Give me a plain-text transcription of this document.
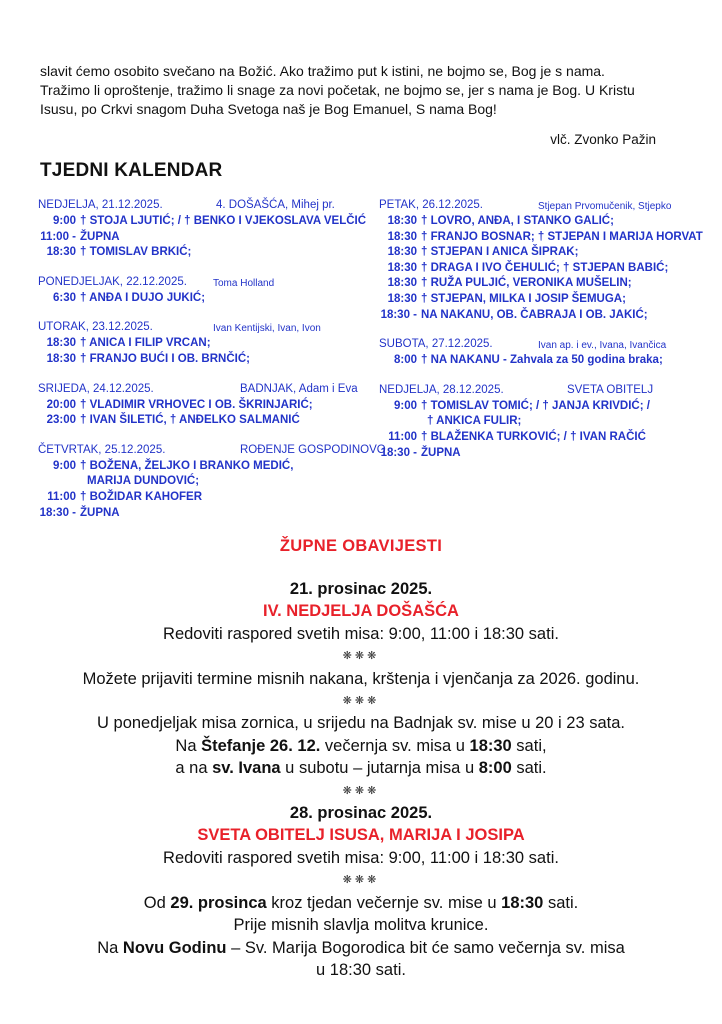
slavit ćemo osobito svečano na Božić. Ako tražimo put k istini, ne bojmo se, Bog je s nama.
Tražimo li oproštenje, tražimo li snage za novi početak, ne bojmo se, jer s nama je Bog. U Kristu
Isusu, po Crkvi snagom Duha Svetoga naš je Bog Emanuel, S nama Bog!
vlč. Zvonko Pažin
TJEDNI KALENDAR
NEDJELJA, 21.12.2025.	4. DOŠAŠĆA, Mihej pr.
9:00 † STOJA LJUTIĆ; / † BENKO I VJEKOSLAVA VELČIĆ
11:00 - ŽUPNA
18:30 † TOMISLAV BRKIĆ;
PONEDJELJAK, 22.12.2025.	Toma Holland
6:30 † ANĐA I DUJO JUKIĆ;
UTORAK, 23.12.2025.	Ivan Kentijski, Ivan, Ivon
18:30 † ANICA I FILIP VRCAN;
18:30 † FRANJO BUĆI I OB. BRNČIĆ;
SRIJEDA, 24.12.2025.	BADNJAK, Adam i Eva
20:00 † VLADIMIR VRHOVEC I OB. ŠKRINJARIĆ;
23:00 † IVAN ŠILETIĆ, † ANĐELKO SALMANIĆ
ČETVRTAK, 25.12.2025.	ROĐENJE GOSPODINOVO
9:00 † BOŽENA, ŽELJKO I BRANKO MEDIĆ,
MARIJA DUNDOVIĆ;
11:00 † BOŽIDAR KAHOFER
18:30 - ŽUPNA
PETAK, 26.12.2025.	Stjepan Prvomučenik, Stjepko
18:30 † LOVRO, ANĐA, I STANKO GALIĆ;
18:30 † FRANJO BOSNAR; † STJEPAN I MARIJA HORVAT
18:30 † STJEPAN I ANICA ŠIPRAK;
18:30 † DRAGA I IVO ČEHULIĆ; † STJEPAN BABIĆ;
18:30 † RUŽA PULJIĆ, VERONIKA MUŠELIN;
18:30 † STJEPAN, MILKA I JOSIP ŠEMUGA;
18:30 - NA NAKANU, OB. ČABRAJA I OB. JAKIĆ;
SUBOTA, 27.12.2025.	Ivan ap. i ev., Ivana, Ivančica
8:00 † NA NAKANU - Zahvala za 50 godina braka;
NEDJELJA, 28.12.2025.	SVETA OBITELJ
9:00 † TOMISLAV TOMIĆ; / † JANJA KRIVDIĆ; /
† ANKICA FULIR;
11:00 † BLAŽENKA TURKOVIĆ; / † IVAN RAČIĆ
18:30 - ŽUPNA
ŽUPNE OBAVIJESTI
21. prosinac 2025.
IV. NEDJELJA DOŠAŠĆA
Redoviti raspored svetih misa: 9:00, 11:00 i 18:30 sati.
❋❋❋
Možete prijaviti termine misnih nakana, krštenja i vjenčanja za 2026. godinu.
❋❋❋
U ponedjeljak misa zornica, u srijedu na Badnjak sv. mise u 20 i 23 sata.
Na Štefanje 26. 12. večernja sv. misa u 18:30 sati,
a na sv. Ivana u subotu – jutarnja misa u 8:00 sati.
❋❋❋
28. prosinac 2025.
SVETA OBITELJ ISUSA, MARIJA I JOSIPA
Redoviti raspored svetih misa: 9:00, 11:00 i 18:30 sati.
❋❋❋
Od 29. prosinca kroz tjedan večernje sv. mise u 18:30 sati.
Prije misnih slavlja molitva krunice.
Na Novu Godinu – Sv. Marija Bogorodica bit će samo večernja sv. misa
u 18:30 sati.
